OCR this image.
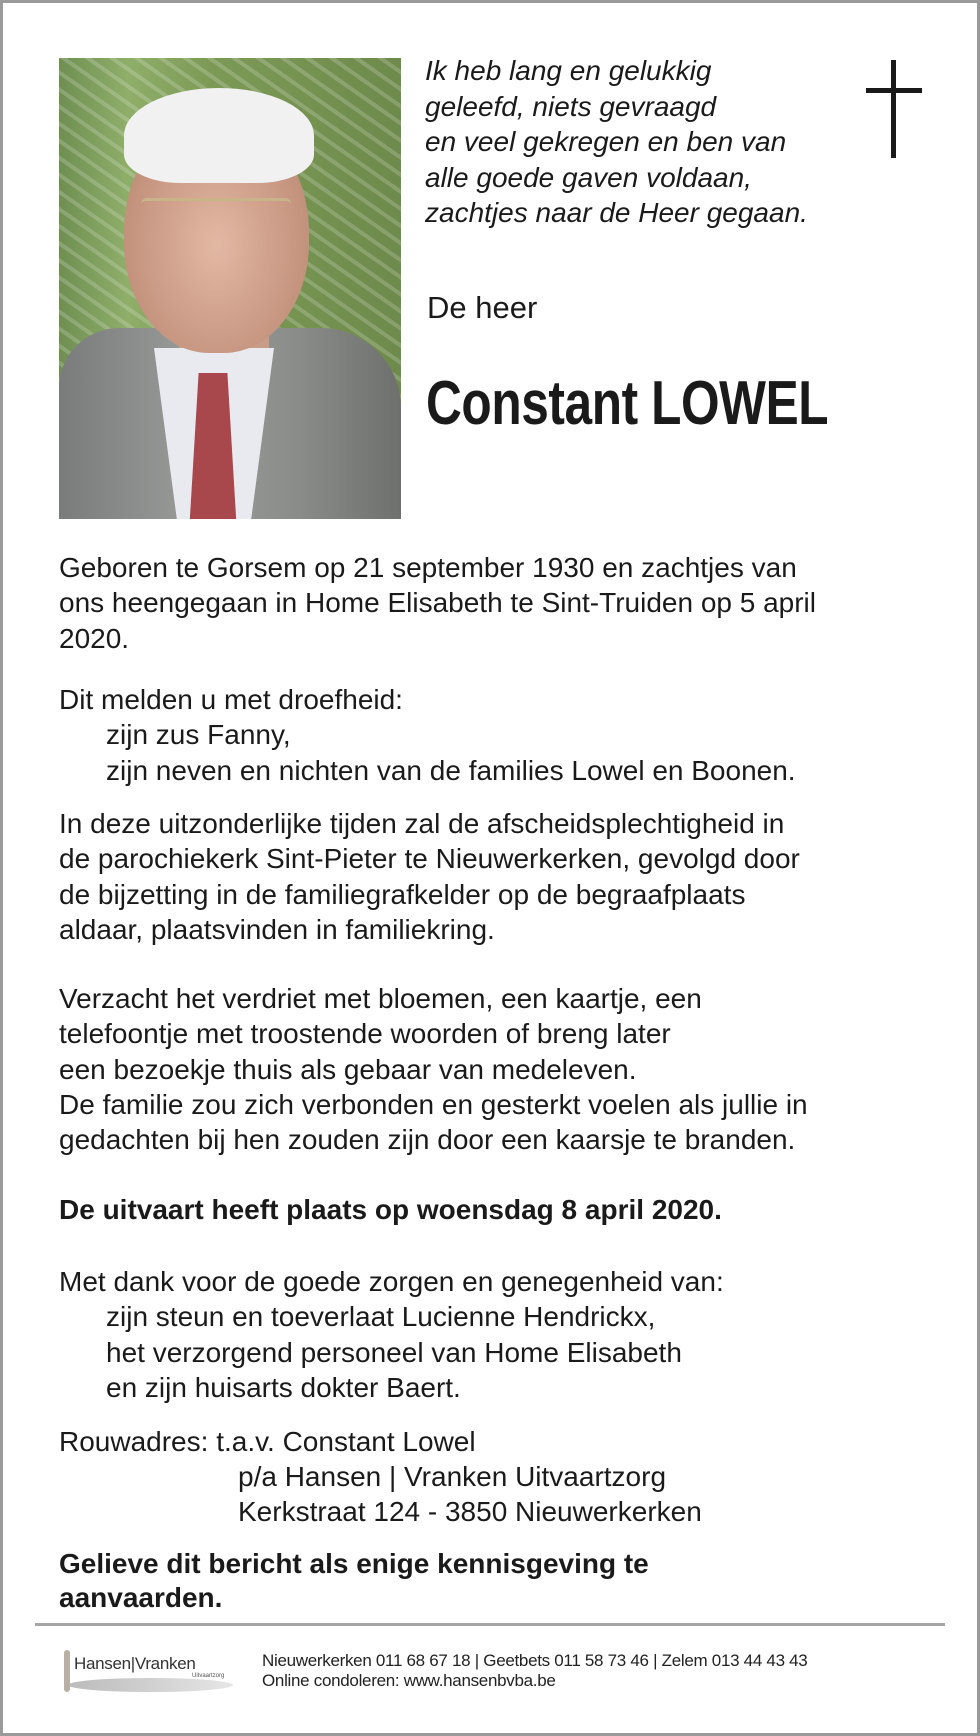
Ik heb lang en gelukkig
geleefd, niets gevraagd
en veel gekregen en ben van
alle goede gaven voldaan,
zachtjes naar de Heer gegaan.
De heer
Constant LOWEL
Geboren te Gorsem op 21 september 1930 en zachtjes van
ons heengegaan in Home Elisabeth te Sint-Truiden op 5 april
2020.
Dit melden u met droefheid:
zijn zus Fanny,
zijn neven en nichten van de families Lowel en Boonen.
In deze uitzonderlijke tijden zal de afscheidsplechtigheid in
de parochiekerk Sint-Pieter te Nieuwerkerken, gevolgd door
de bijzetting in de familiegrafkelder op de begraafplaats
aldaar, plaatsvinden in familiekring.
Verzacht het verdriet met bloemen, een kaartje, een
telefoontje met troostende woorden of breng later
een bezoekje thuis als gebaar van medeleven.
De familie zou zich verbonden en gesterkt voelen als jullie in
gedachten bij hen zouden zijn door een kaarsje te branden.
De uitvaart heeft plaats op woensdag 8 april 2020.
Met dank voor de goede zorgen en genegenheid van:
zijn steun en toeverlaat Lucienne Hendrickx,
het verzorgend personeel van Home Elisabeth
en zijn huisarts dokter Baert.
Rouwadres: t.a.v. Constant Lowel
p/a Hansen | Vranken Uitvaartzorg
Kerkstraat 124 - 3850 Nieuwerkerken
Gelieve dit bericht als enige kennisgeving te
aanvaarden.
Hansen|Vranken
Uitvaartzorg
Nieuwerkerken 011 68 67 18 | Geetbets 011 58 73 46 | Zelem 013 44 43 43
Online condoleren: www.hansenbvba.be
